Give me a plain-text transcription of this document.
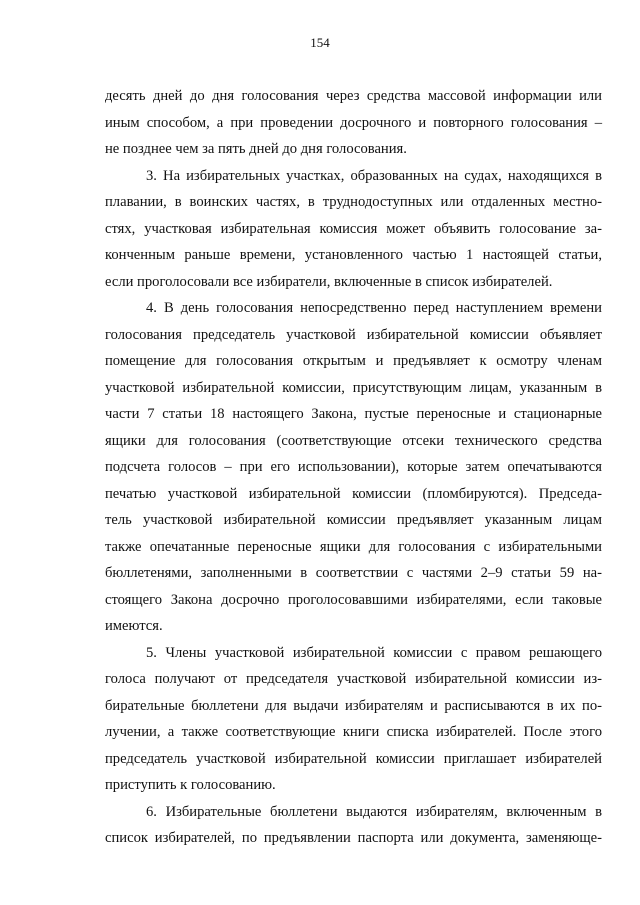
154
десять дней до дня голосования через средства массовой информации или
иным способом, а при проведении досрочного и повторного голосования –
не позднее чем за пять дней до дня голосования.
3. На избирательных участках, образованных на судах, находящихся в
плавании, в воинских частях, в труднодоступных или отдаленных местно-
стях, участковая избирательная комиссия может объявить голосование за-
конченным раньше времени, установленного частью 1 настоящей статьи,
если проголосовали все избиратели, включенные в список избирателей.
4. В день голосования непосредственно перед наступлением времени
голосования председатель участковой избирательной комиссии объявляет
помещение для голосования открытым и предъявляет к осмотру членам
участковой избирательной комиссии, присутствующим лицам, указанным в
части 7 статьи 18 настоящего Закона, пустые переносные и стационарные
ящики для голосования (соответствующие отсеки технического средства
подсчета голосов – при его использовании), которые затем опечатываются
печатью участковой избирательной комиссии (пломбируются). Председа-
тель участковой избирательной комиссии предъявляет указанным лицам
также опечатанные переносные ящики для голосования с избирательными
бюллетенями, заполненными в соответствии с частями 2–9 статьи 59 на-
стоящего Закона досрочно проголосовавшими избирателями, если таковые
имеются.
5. Члены участковой избирательной комиссии с правом решающего
голоса получают от председателя участковой избирательной комиссии из-
бирательные бюллетени для выдачи избирателям и расписываются в их по-
лучении, а также соответствующие книги списка избирателей. После этого
председатель участковой избирательной комиссии приглашает избирателей
приступить к голосованию.
6. Избирательные бюллетени выдаются избирателям, включенным в
список избирателей, по предъявлении паспорта или документа, заменяюще-
